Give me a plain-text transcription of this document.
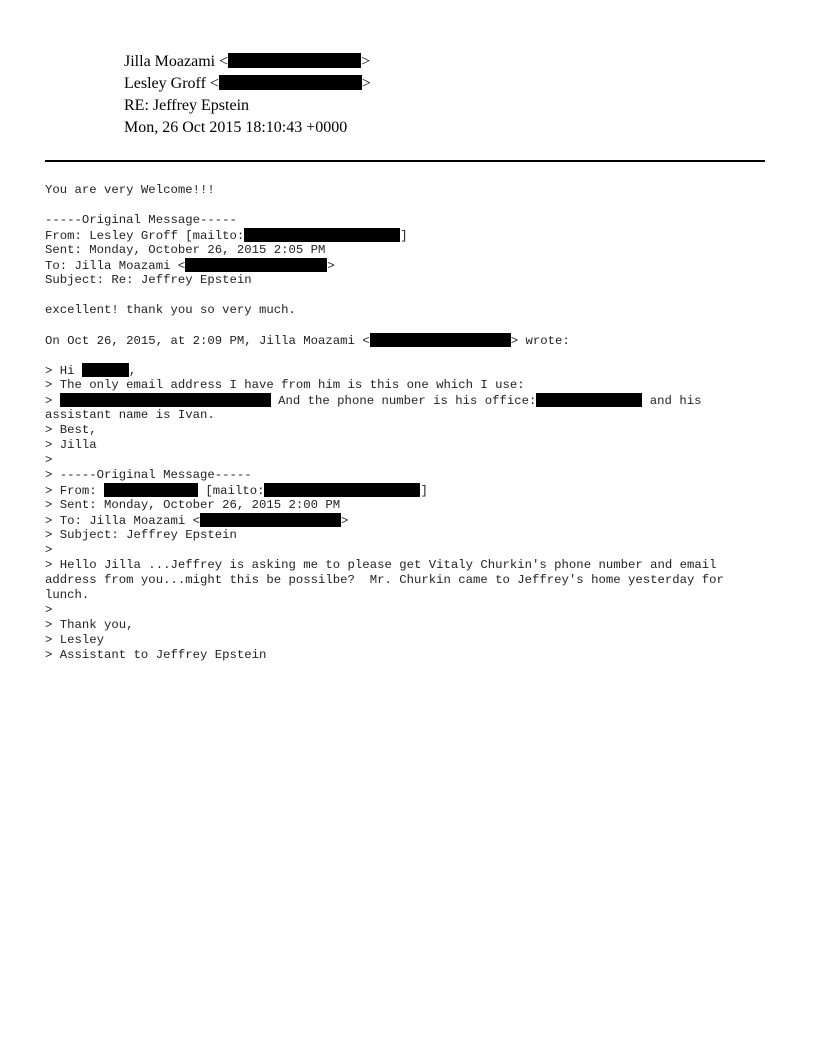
Jilla Moazami <	>
Lesley Groff <	>
RE: Jeffrey Epstein
Mon, 26 Oct 2015 18:10:43 +0000
You are very Welcome!!!
-----Original Message-----
From: Lesley Groff [mailto:	]
Sent: Monday, October 26, 2015 2:05 PM
To: Jilla Moazami <	>
Subject: Re: Jeffrey Epstein
excellent! thank you so very much.
On Oct 26, 2015, at 2:09 PM, Jilla Moazami <	> wrote:
> Hi	,
> The only email address I have from him is this one which I use:
>	And the phone number is his office:	and his
assistant name is Ivan.
> Best,
> Jilla
>
> -----Original Message-----
> From:	[mailto:	]
> Sent: Monday, October 26, 2015 2:00 PM
> To: Jilla Moazami <	>
> Subject: Jeffrey Epstein
>
> Hello Jilla ...Jeffrey is asking me to please get Vitaly Churkin's phone number and email
address from you...might this be possilbe?  Mr. Churkin came to Jeffrey's home yesterday for
lunch.
>
> Thank you,
> Lesley
> Assistant to Jeffrey Epstein
